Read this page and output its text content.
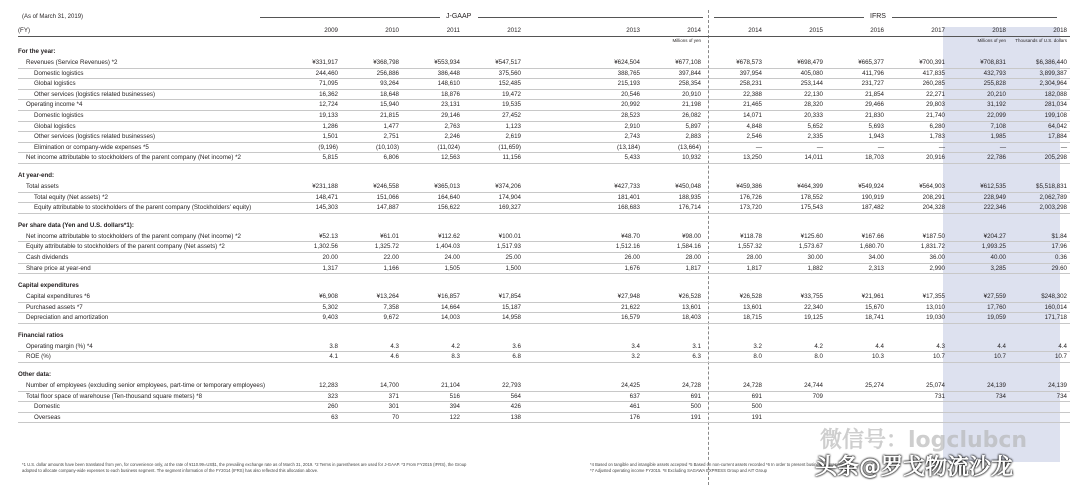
(As of March 31, 2019)	J-GAAP	IFRS
(FY)	2009	2010	2011	2012		2013	2014	2014	2015	2016	2017	2018	2018
							Millions of yen					Millions of yen	Thousands of U.S. dollars
For the year:													
Revenues (Service Revenues) *2	¥331,917	¥368,798	¥553,934	¥547,517		¥624,504	¥677,108	¥678,573	¥698,479	¥665,377	¥700,391	¥708,831	$6,386,440
Domestic logistics	244,460	256,886	386,448	375,560		388,765	397,844	397,954	405,080	411,796	417,835	432,793	3,899,387
Global logistics	71,095	93,264	148,610	152,485		215,193	258,354	258,231	253,144	231,727	260,285	255,828	2,304,964
Other services (logistics related businesses)	16,362	18,648	18,876	19,472		20,546	20,910	22,388	22,130	21,854	22,271	20,210	182,088
Operating income *4	12,724	15,940	23,131	19,535		20,992	21,198	21,465	28,320	29,466	29,803	31,192	281,034
Domestic logistics	19,133	21,815	29,146	27,452		28,523	26,082	14,071	20,333	21,830	21,740	22,099	199,108
Global logistics	1,286	1,477	2,763	1,123		2,910	5,897	4,848	5,652	5,693	6,280	7,108	64,042
Other services (logistics related businesses)	1,501	2,751	2,246	2,619		2,743	2,883	2,546	2,335	1,943	1,783	1,985	17,884
Elimination or company-wide expenses *5	(9,196)	(10,103)	(11,024)	(11,659)		(13,184)	(13,664)	—	—	—	—	—	—
Net income attributable to stockholders of the parent company (Net income) *2	5,815	6,806	12,563	11,156		5,433	10,932	13,250	14,011	18,703	20,916	22,786	205,298

At year-end:													
Total assets	¥231,188	¥246,558	¥365,013	¥374,206		¥427,733	¥450,048	¥459,386	¥464,399	¥549,924	¥564,903	¥612,535	$5,518,831
Total equity (Net assets) *2	148,471	151,066	164,640	174,904		181,401	188,935	176,726	178,552	190,919	208,291	228,949	2,062,789
Equity attributable to stockholders of the parent company (Stockholders' equity)	145,303	147,887	156,622	169,327		168,683	176,714	173,720	175,543	187,482	204,328	222,346	2,003,298

Per share data (Yen and U.S. dollars*1):													
Net income attributable to stockholders of the parent company (Net income) *2	¥52.13	¥61.01	¥112.62	¥100.01		¥48.70	¥98.00	¥118.78	¥125.60	¥167.66	¥187.50	¥204.27	$1.84
Equity attributable to stockholders of the parent company (Net assets) *2	1,302.56	1,325.72	1,404.03	1,517.93		1,512.16	1,584.16	1,557.32	1,573.67	1,680.70	1,831.72	1,993.25	17.96
Cash dividends	20.00	22.00	24.00	25.00		26.00	28.00	28.00	30.00	34.00	36.00	40.00	0.36
Share price at year-end	1,317	1,166	1,505	1,500		1,676	1,817	1,817	1,882	2,313	2,990	3,285	29.60

Capital expenditures													
Capital expenditures *6	¥6,908	¥13,264	¥16,857	¥17,854		¥27,948	¥26,528	¥26,528	¥33,755	¥21,961	¥17,355	¥27,559	$248,302
Purchased assets *7	5,302	7,358	14,664	15,187		21,622	13,601	13,601	22,340	15,670	13,010	17,760	160,014
Depreciation and amortization	9,403	9,672	14,003	14,958		16,579	18,403	18,715	19,125	18,741	19,030	19,059	171,718

Financial ratios													
Operating margin (%) *4	3.8	4.3	4.2	3.6		3.4	3.1	3.2	4.2	4.4	4.3	4.4	4.4
ROE (%)	4.1	4.6	8.3	6.8		3.2	6.3	8.0	8.0	10.3	10.7	10.7	10.7

Other data:													
Number of employees (excluding senior employees, part-time or temporary employees)	12,283	14,700	21,104	22,793		24,425	24,728	24,728	24,744	25,274	25,074	24,139	24,139
Total floor space of warehouse (Ten-thousand square meters) *8	323	371	516	564		637	691	691	709		731	734	734
Domestic	260	301	394	426		461	500	500					
Overseas	63	70	122	138		176	191	191					
*1 U.S. dollar amounts have been translated from yen, for convenience only, at the rate of ¥110.99=US$1, the prevailing exchange rate as of March 31, 2019. *2 Terms in parentheses are used for J-GAAP. *3 From FY2015 (IFRS), the Group adopted to allocate company-wide expenses to each business segment. The segment information of the FY2014 (IFRS) has also reflected this allocation above.
*4 Based on tangible and intangible assets accepted *5 Based on non-current assets recorded *6 In order to present business ... presented *7 Adjusted operating income FY2015. *8 Excluding SAGAWA EXPRESS Group and AIT Group
微信号：logclubcn
头条@罗戈物流沙龙
